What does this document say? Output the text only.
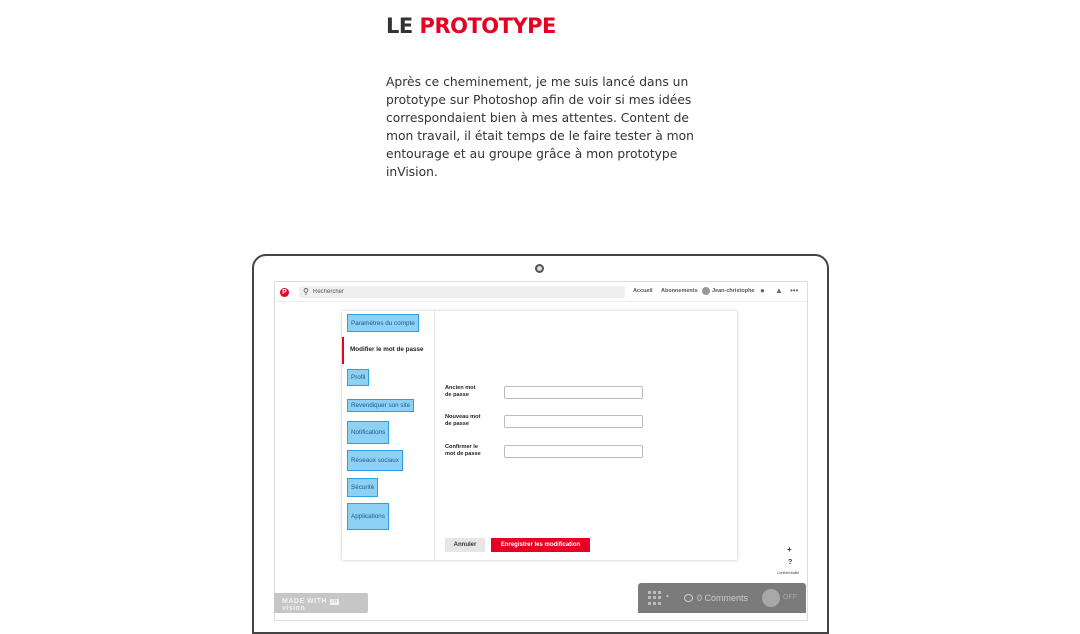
LE PROTOTYPE

Après ce cheminement, je me suis lancé dans un prototype sur Photoshop afin de voir si mes idées correspondaient bien à mes attentes. Content de mon travail, il était temps de le faire tester à mon entourage et au groupe grâce à mon prototype inVision.

P ⚲
Rechercher	Accueil Abonnements	Jean-christophe ● ▲ •••
Paramètres du compte
Modifier le mot de passe
Profil
Revendiquer son site
Notifications
Réseaux sociaux
Sécurité
Applications
Ancien mot
de passe
Nouveau mot
de passe
Confirmer le
mot de passe
Annuler	Enregistrer les modification	+
?
Confidentialité
MADE WITH invision
▲	0 Comments	OFF
